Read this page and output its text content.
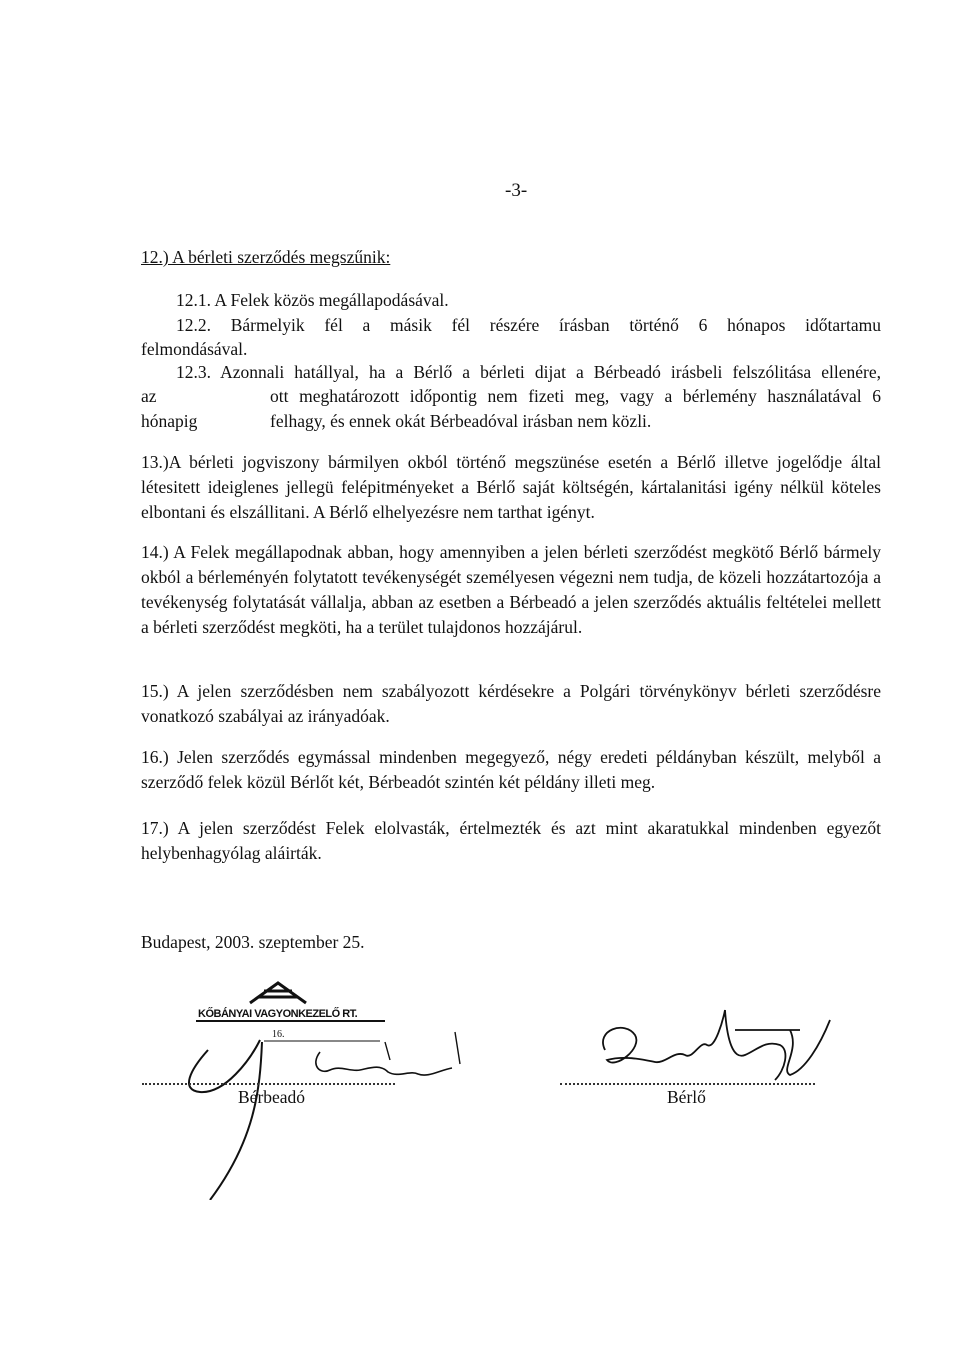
-3-
12.) A bérleti szerződés megszűnik:
12.1. A Felek közös megállapodásával.
12.2. Bármelyik fél a másik fél részére írásban történő 6 hónapos időtartamu
felmondásával.
12.3. Azonnali hatállyal, ha a Bérlő a bérleti dijat a Bérbeadó irásbeli felszólitása ellenére,
az	ott meghatározott időpontig nem fizeti meg, vagy a bérlemény használatával 6
hónapig	felhagy, és ennek okát Bérbeadóval irásban nem közli.
13.)A bérleti jogviszony bármilyen okból történő megszünése esetén a Bérlő illetve jogelődje által létesitett ideiglenes jellegü felépitményeket a Bérlő saját költségén, kártalanitási igény nélkül köteles elbontani és elszállitani. A Bérlő elhelyezésre nem tarthat igényt.
14.) A Felek megállapodnak abban, hogy amennyiben a jelen bérleti szerződést megkötő Bérlő bármely okból a bérleményén folytatott tevékenységét személyesen végezni nem tudja, de közeli hozzátartozója a tevékenység folytatását vállalja, abban az esetben a Bérbeadó a jelen szerződés aktuális feltételei mellett a bérleti szerződést megköti, ha a terület tulajdonos hozzájárul.
15.) A jelen szerződésben nem szabályozott kérdésekre a Polgári törvénykönyv bérleti szerződésre vonatkozó szabályai az irányadóak.
16.) Jelen szerződés egymással mindenben megegyező, négy eredeti példányban készült, melyből a szerződő felek közül Bérlőt két, Bérbeadót szintén két példány illeti meg.
17.) A jelen szerződést Felek elolvasták, értelmezték és azt mint akaratukkal mindenben egyezőt helybenhagyólag aláirták.
Budapest, 2003. szeptember 25.
KŐBÁNYAI VAGYONKEZELŐ RT.
16.
Bérbeadó	Bérlő
